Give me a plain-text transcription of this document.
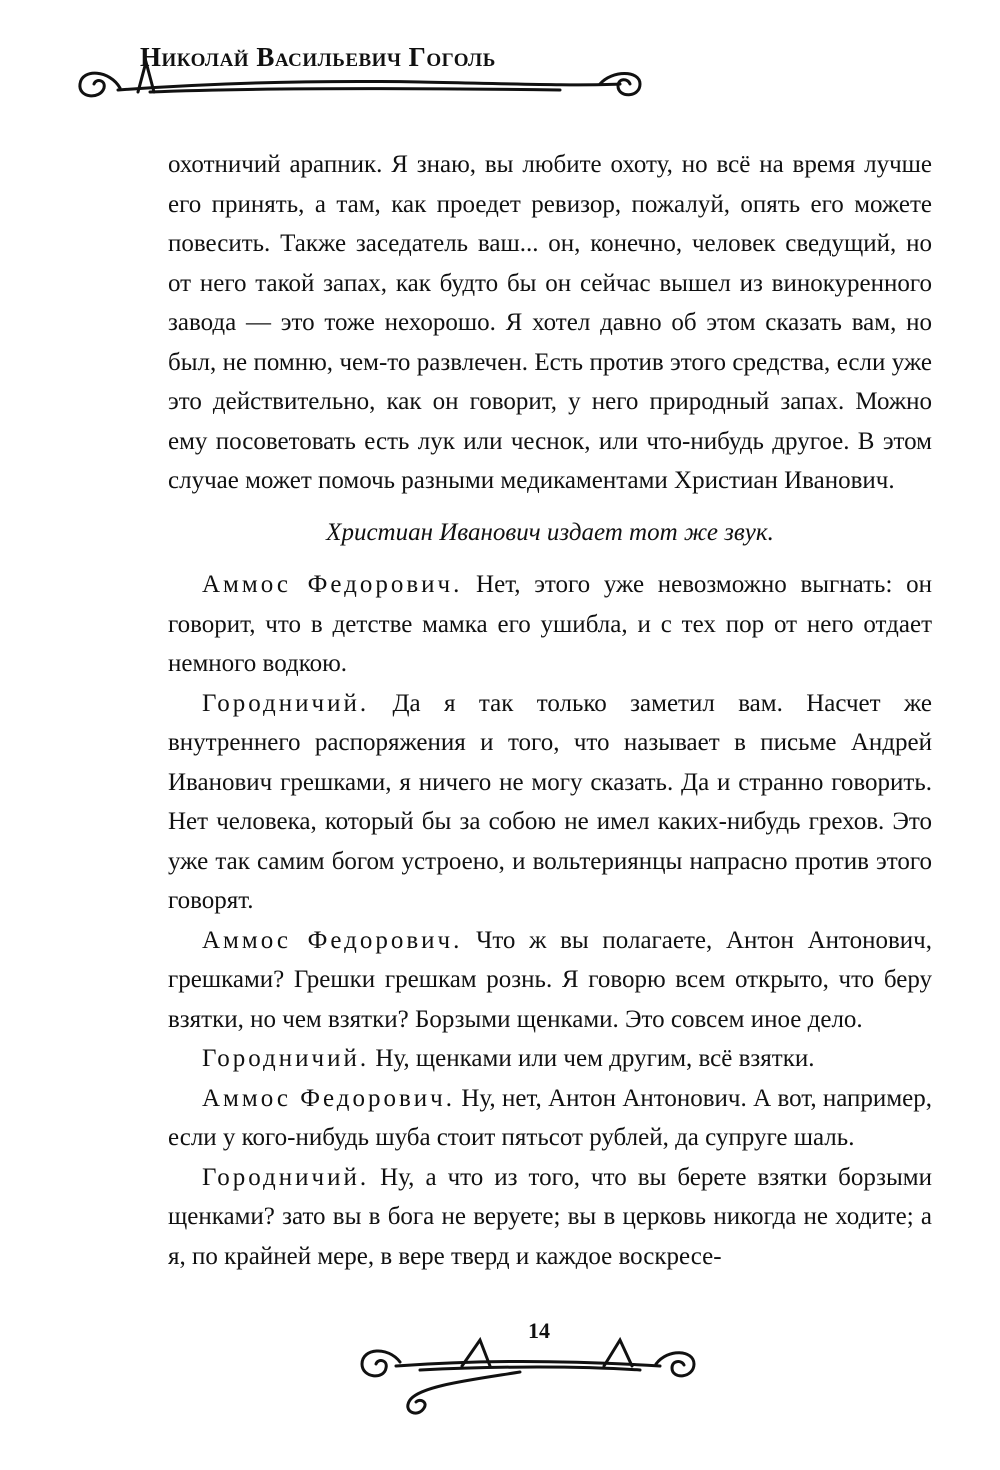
Николай Васильевич Гоголь

охотничий арапник. Я знаю, вы любите охоту, но всё на время лучше его принять, а там, как проедет ревизор, пожалуй, опять его можете повесить. Также заседатель ваш... он, конечно, человек сведущий, но от него такой запах, как будто бы он сейчас вышел из винокуренного завода — это тоже нехорошо. Я хотел давно об этом сказать вам, но был, не помню, чем-то развлечен. Есть против этого средства, если уже это действительно, как он говорит, у него природный запах. Можно ему посоветовать есть лук или чеснок, или что-нибудь другое. В этом случае может помочь разными медикаментами Христиан Иванович.

Христиан Иванович издает тот же звук.

Аммос Федорович. Нет, этого уже невозможно выгнать: он говорит, что в детстве мамка его ушибла, и с тех пор от него отдает немного водкою.

Городничий. Да я так только заметил вам. Насчет же внутреннего распоряжения и того, что называет в письме Андрей Иванович грешками, я ничего не могу сказать. Да и странно говорить. Нет человека, который бы за собою не имел каких-нибудь грехов. Это уже так самим богом устроено, и вольтериянцы напрасно против этого говорят.

Аммос Федорович. Что ж вы полагаете, Антон Антонович, грешками? Грешки грешкам рознь. Я говорю всем открыто, что беру взятки, но чем взятки? Борзыми щенками. Это совсем иное дело.

Городничий. Ну, щенками или чем другим, всё взятки.

Аммос Федорович. Ну, нет, Антон Антонович. А вот, например, если у кого-нибудь шуба стоит пятьсот рублей, да супруге шаль.

Городничий. Ну, а что из того, что вы берете взятки борзыми щенками? зато вы в бога не веруете; вы в церковь никогда не ходите; а я, по крайней мере, в вере тверд и каждое воскресе-

14
